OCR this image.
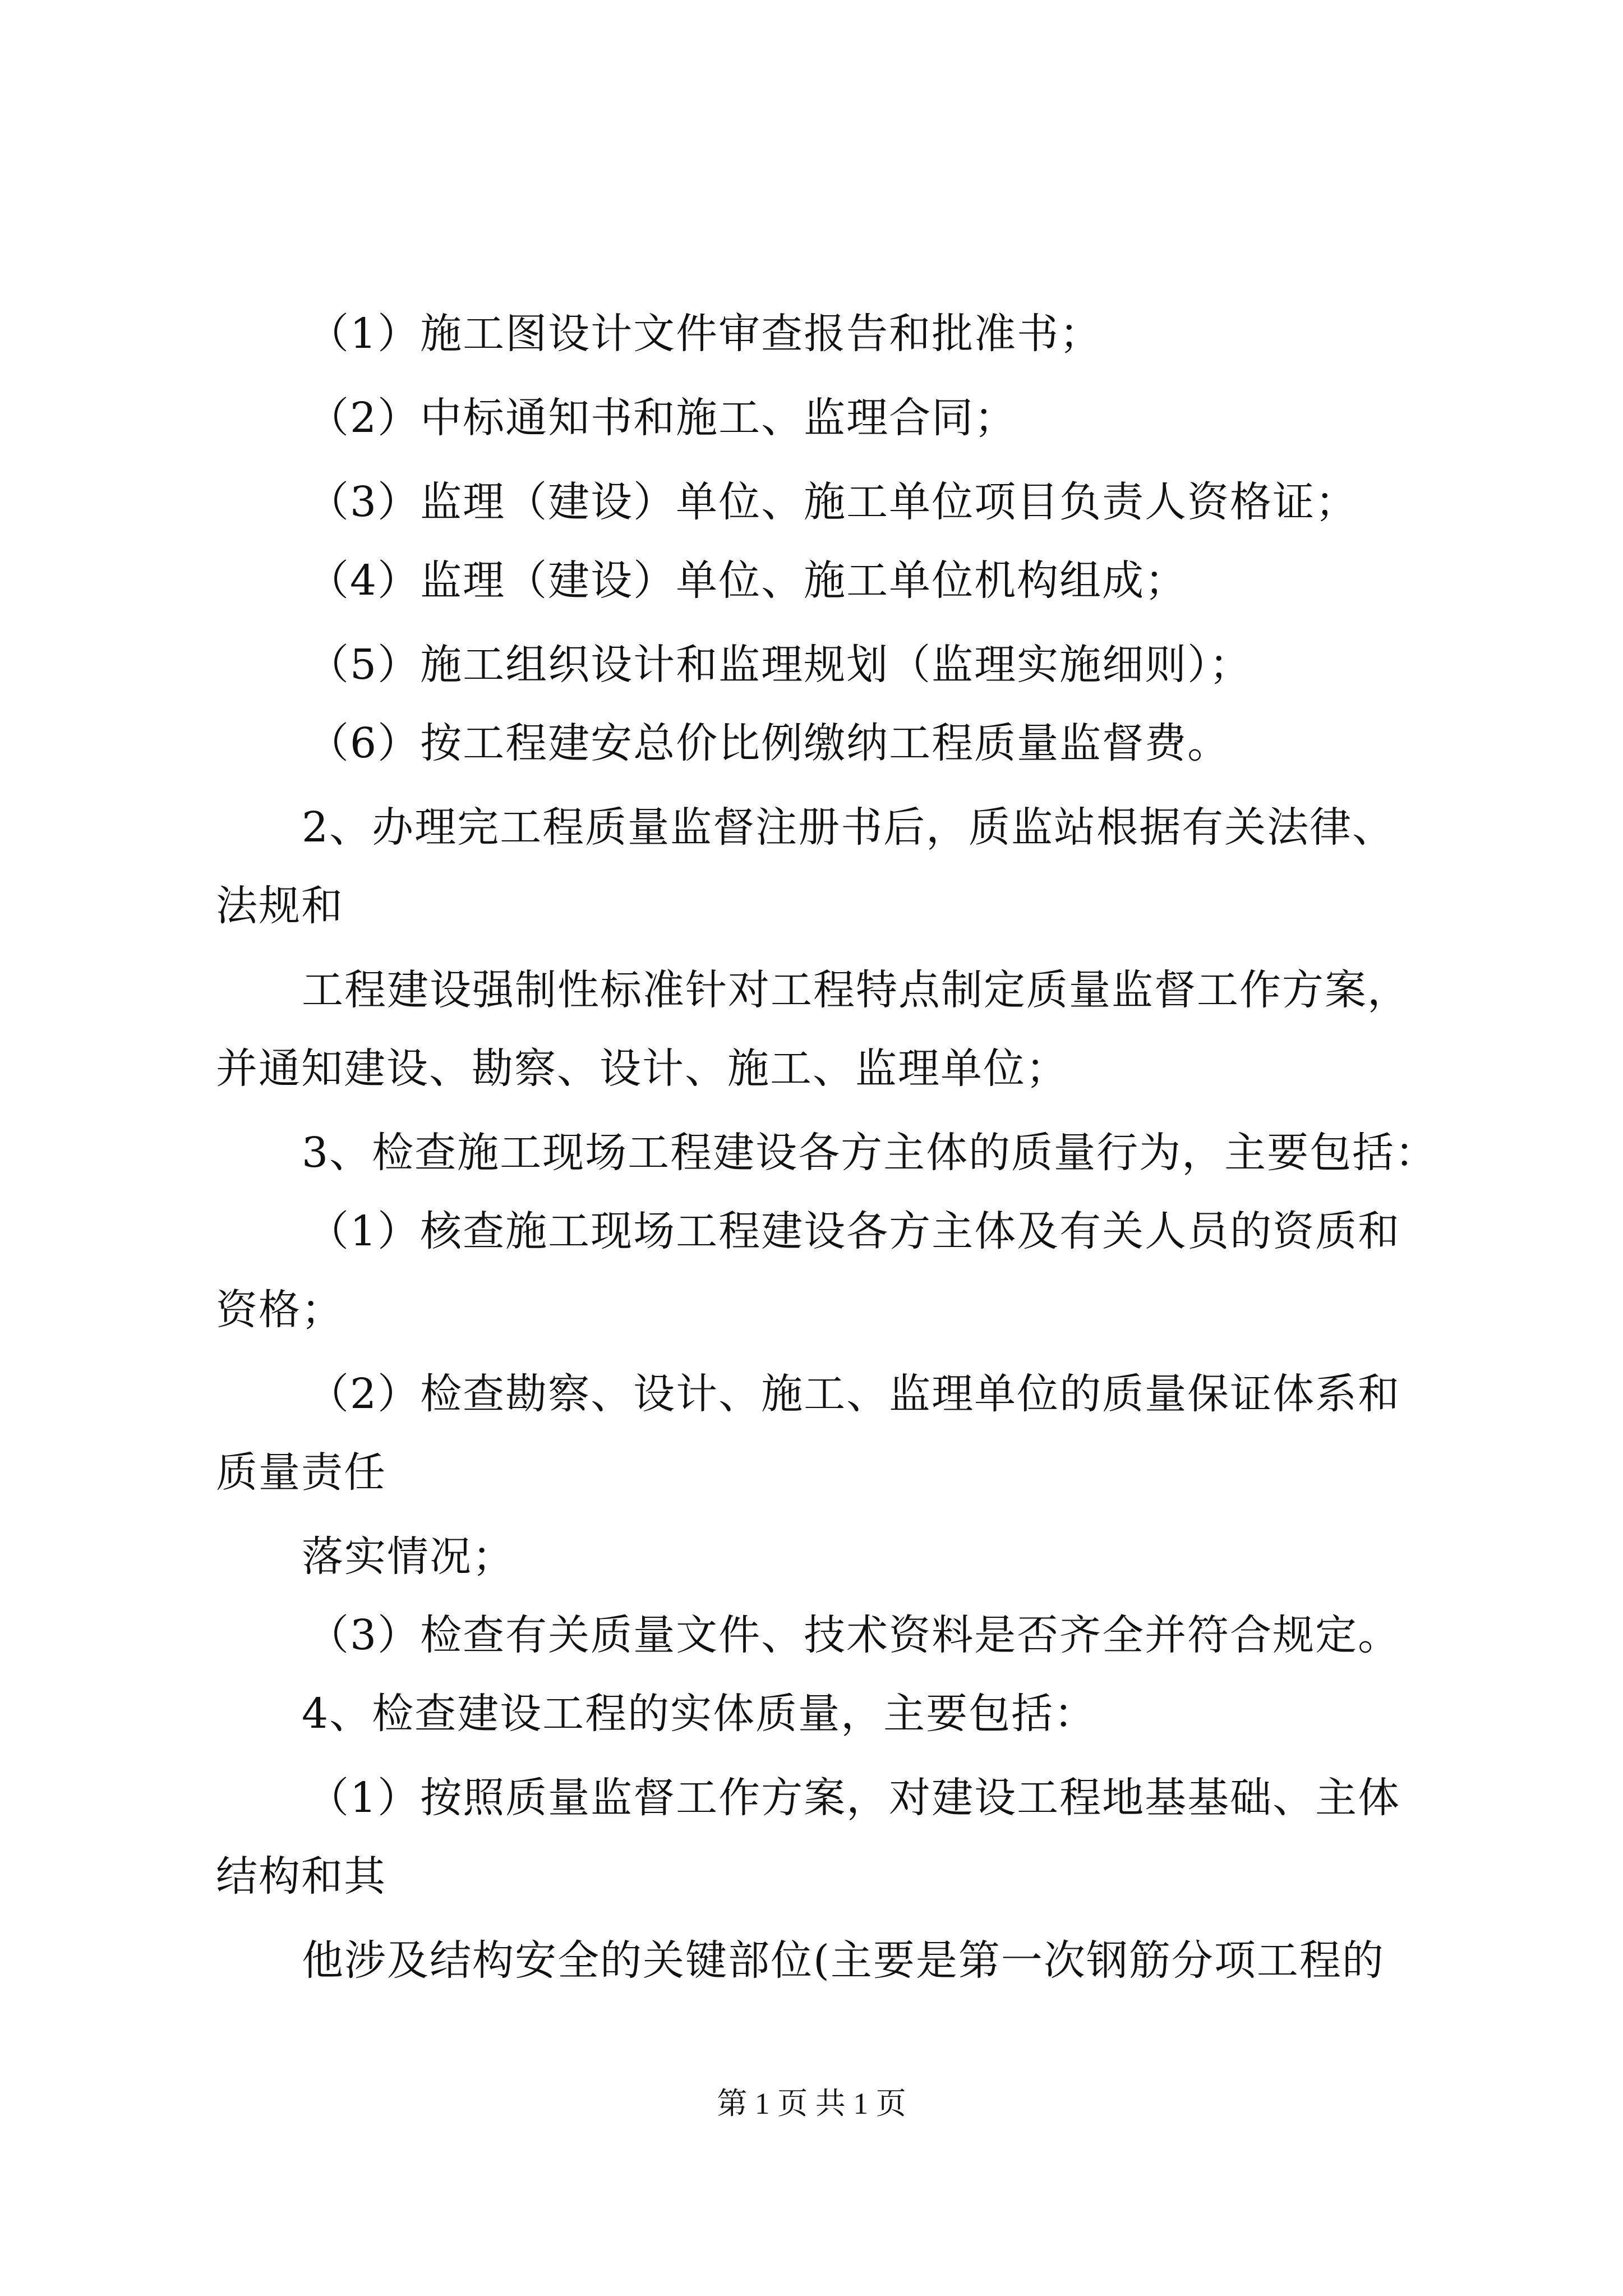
（1）施工图设计文件审查报告和批准书；
（2）中标通知书和施工、监理合同；
（3）监理（建设）单位、施工单位项目负责人资格证；
（4）监理（建设）单位、施工单位机构组成；
（5）施工组织设计和监理规划（监理实施细则）；
（6）按工程建安总价比例缴纳工程质量监督费。
2、办理完工程质量监督注册书后，质监站根据有关法律、
法规和
工程建设强制性标准针对工程特点制定质量监督工作方案，
并通知建设、勘察、设计、施工、监理单位；
3、检查施工现场工程建设各方主体的质量行为，主要包括：
（1）核查施工现场工程建设各方主体及有关人员的资质和
资格；
（2）检查勘察、设计、施工、监理单位的质量保证体系和
质量责任
落实情况；
（3）检查有关质量文件、技术资料是否齐全并符合规定。
4、检查建设工程的实体质量，主要包括：
（1）按照质量监督工作方案，对建设工程地基基础、主体
结构和其
他涉及结构安全的关键部位(主要是第一次钢筋分项工程的
第 1 页 共 1 页
